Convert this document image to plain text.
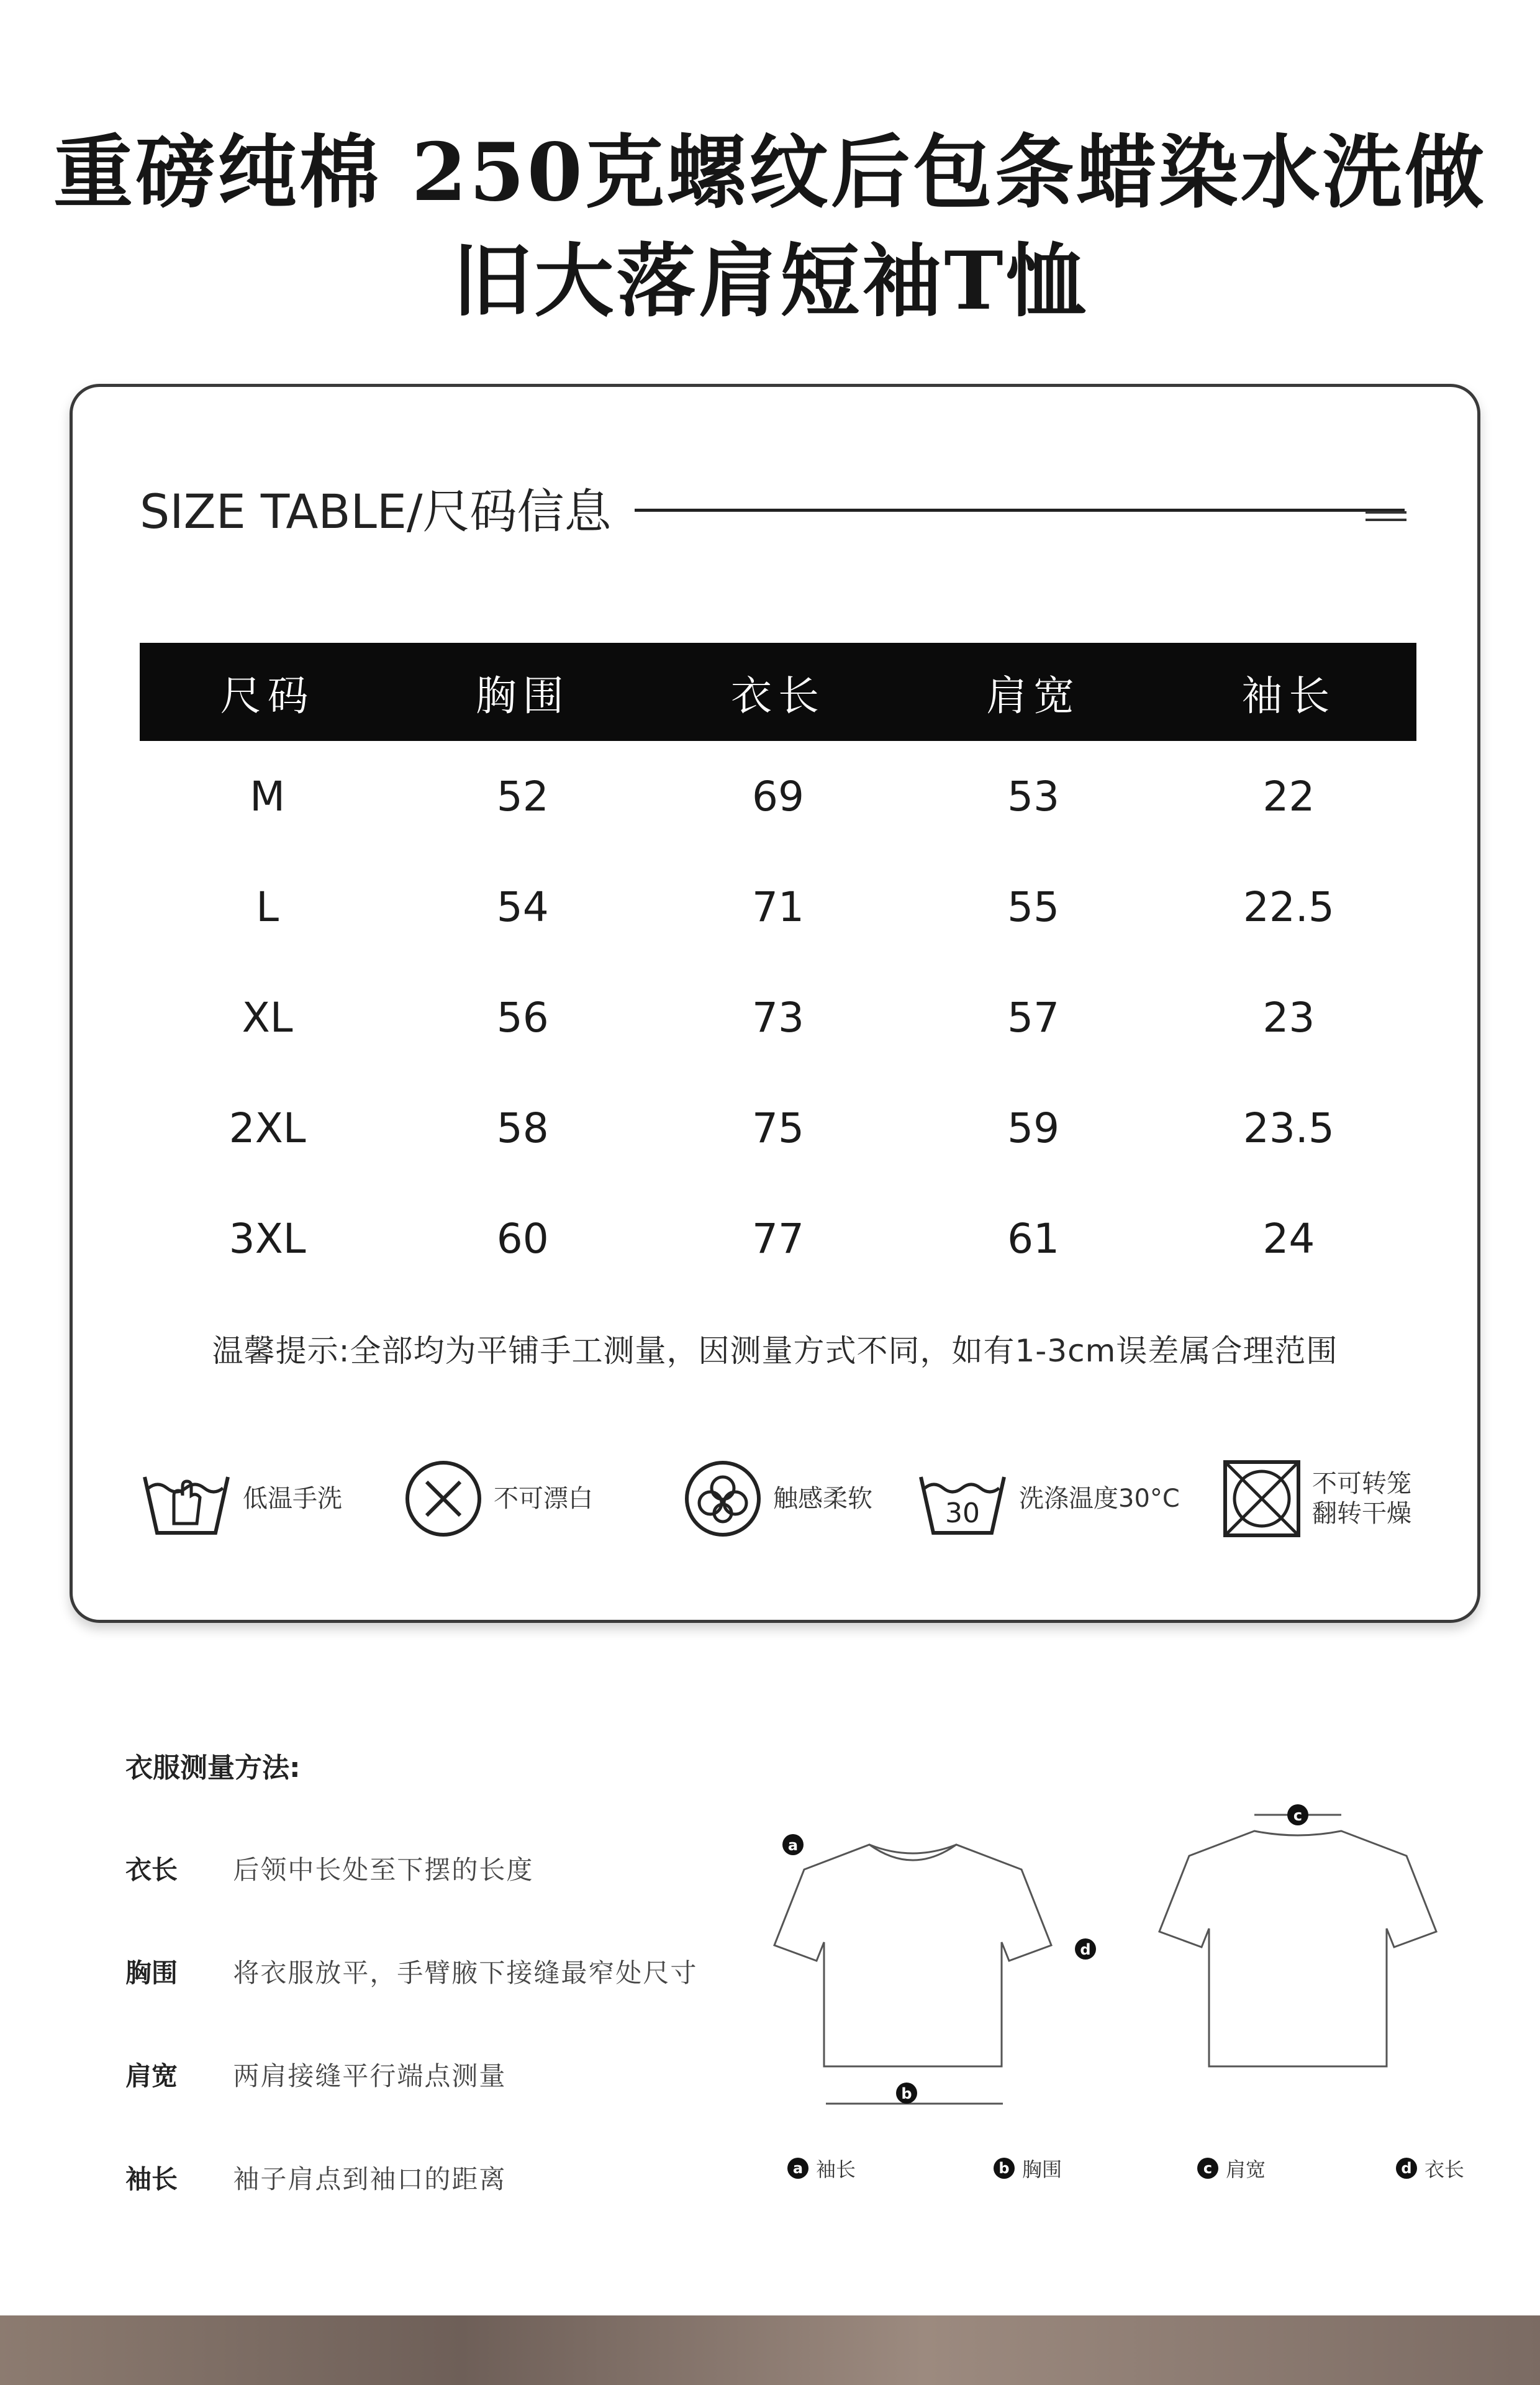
重磅纯棉 250克螺纹后包条蜡染水洗做
旧大落肩短袖T恤
SIZE TABLE/尺码信息
尺码	胸围	衣长	肩宽	袖长
M	52	69	53	22
L	54	71	55	22.5
XL	56	73	57	23
2XL	58	75	59	23.5
3XL	60	77	61	24
温馨提示:全部均为平铺手工测量，因测量方式不同，如有1-3cm误差属合理范围
低温手洗	不可漂白	触感柔软	30 洗涤温度30°C
不可转笼
翻转干燥
衣服测量方法:
衣长 后领中长处至下摆的长度
胸围 将衣服放平，手臂腋下接缝最窄处尺寸
肩宽 两肩接缝平行端点测量
袖长 袖子肩点到袖口的距离
a
b
c
d
a 袖长	b 胸围	c 肩宽	d 衣长
